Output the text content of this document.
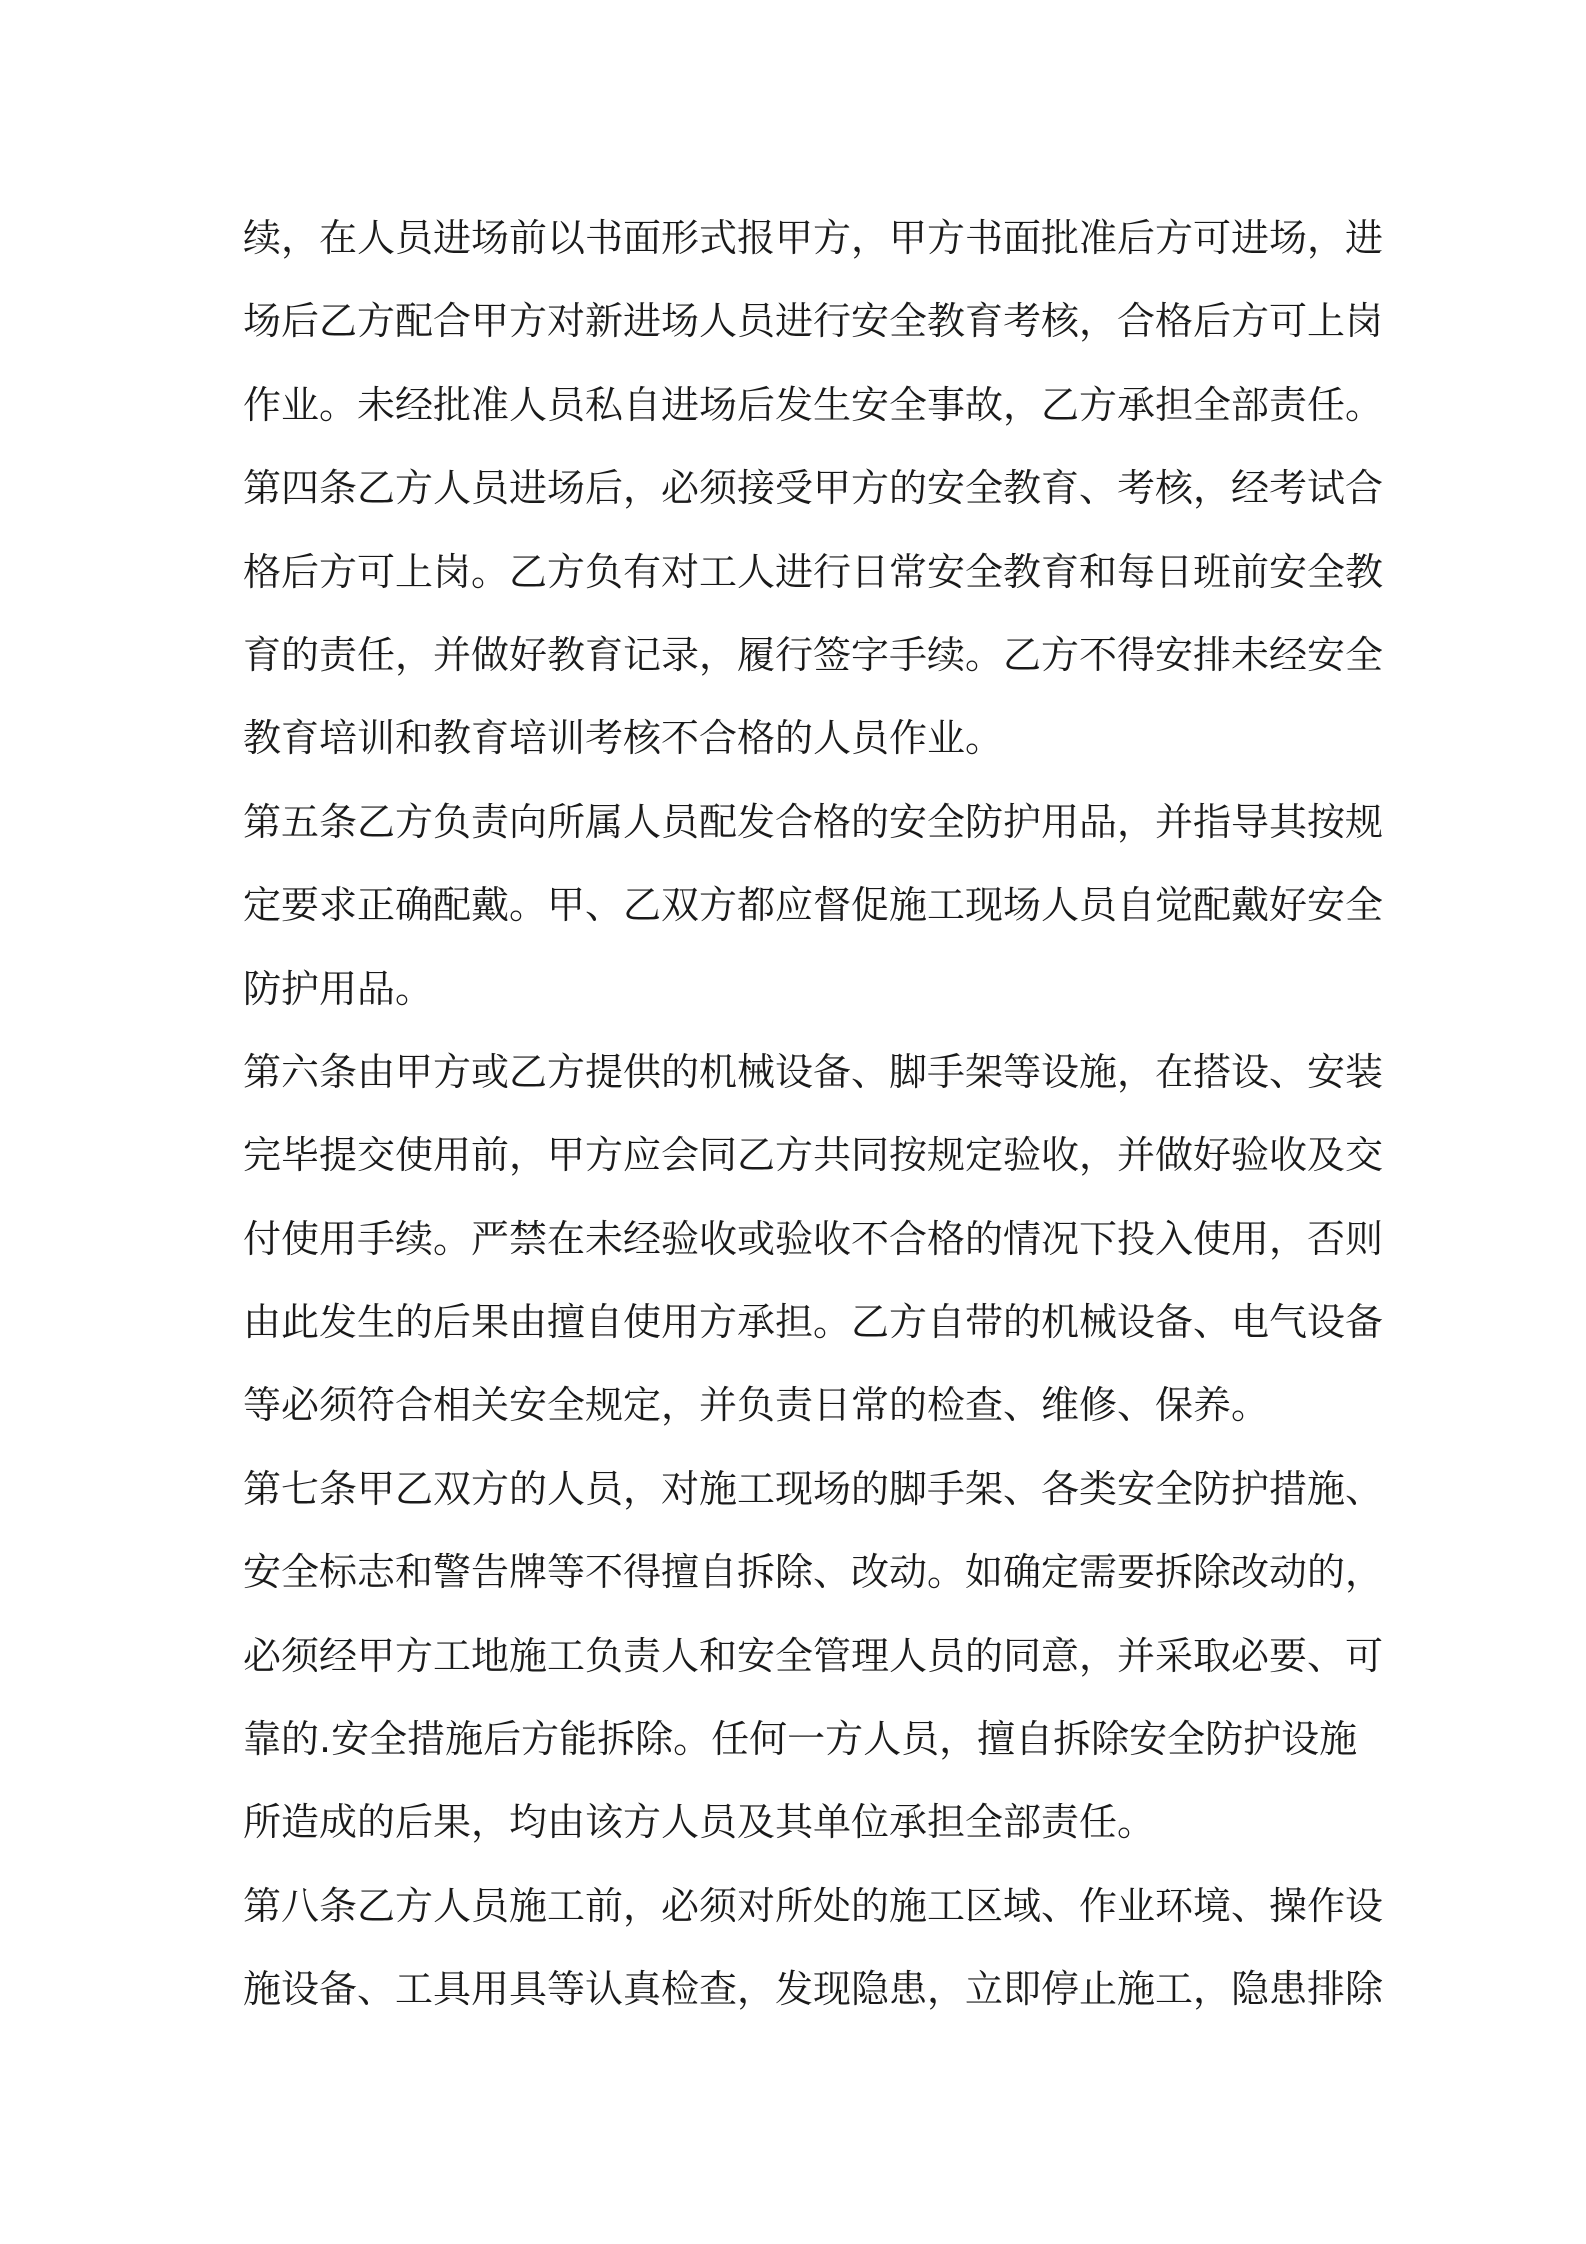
续，在人员进场前以书面形式报甲方，甲方书面批准后方可进场，进
场后乙方配合甲方对新进场人员进行安全教育考核，合格后方可上岗
作业。未经批准人员私自进场后发生安全事故，乙方承担全部责任。
第四条乙方人员进场后，必须接受甲方的安全教育、考核，经考试合
格后方可上岗。乙方负有对工人进行日常安全教育和每日班前安全教
育的责任，并做好教育记录，履行签字手续。乙方不得安排未经安全
教育培训和教育培训考核不合格的人员作业。
第五条乙方负责向所属人员配发合格的安全防护用品，并指导其按规
定要求正确配戴。甲、乙双方都应督促施工现场人员自觉配戴好安全
防护用品。
第六条由甲方或乙方提供的机械设备、脚手架等设施，在搭设、安装
完毕提交使用前，甲方应会同乙方共同按规定验收，并做好验收及交
付使用手续。严禁在未经验收或验收不合格的情况下投入使用，否则
由此发生的后果由擅自使用方承担。乙方自带的机械设备、电气设备
等必须符合相关安全规定，并负责日常的检查、维修、保养。
第七条甲乙双方的人员，对施工现场的脚手架、各类安全防护措施、
安全标志和警告牌等不得擅自拆除、改动。如确定需要拆除改动的，
必须经甲方工地施工负责人和安全管理人员的同意，并采取必要、可
靠的.安全措施后方能拆除。任何一方人员，擅自拆除安全防护设施
所造成的后果，均由该方人员及其单位承担全部责任。
第八条乙方人员施工前，必须对所处的施工区域、作业环境、操作设
施设备、工具用具等认真检查，发现隐患，立即停止施工，隐患排除
